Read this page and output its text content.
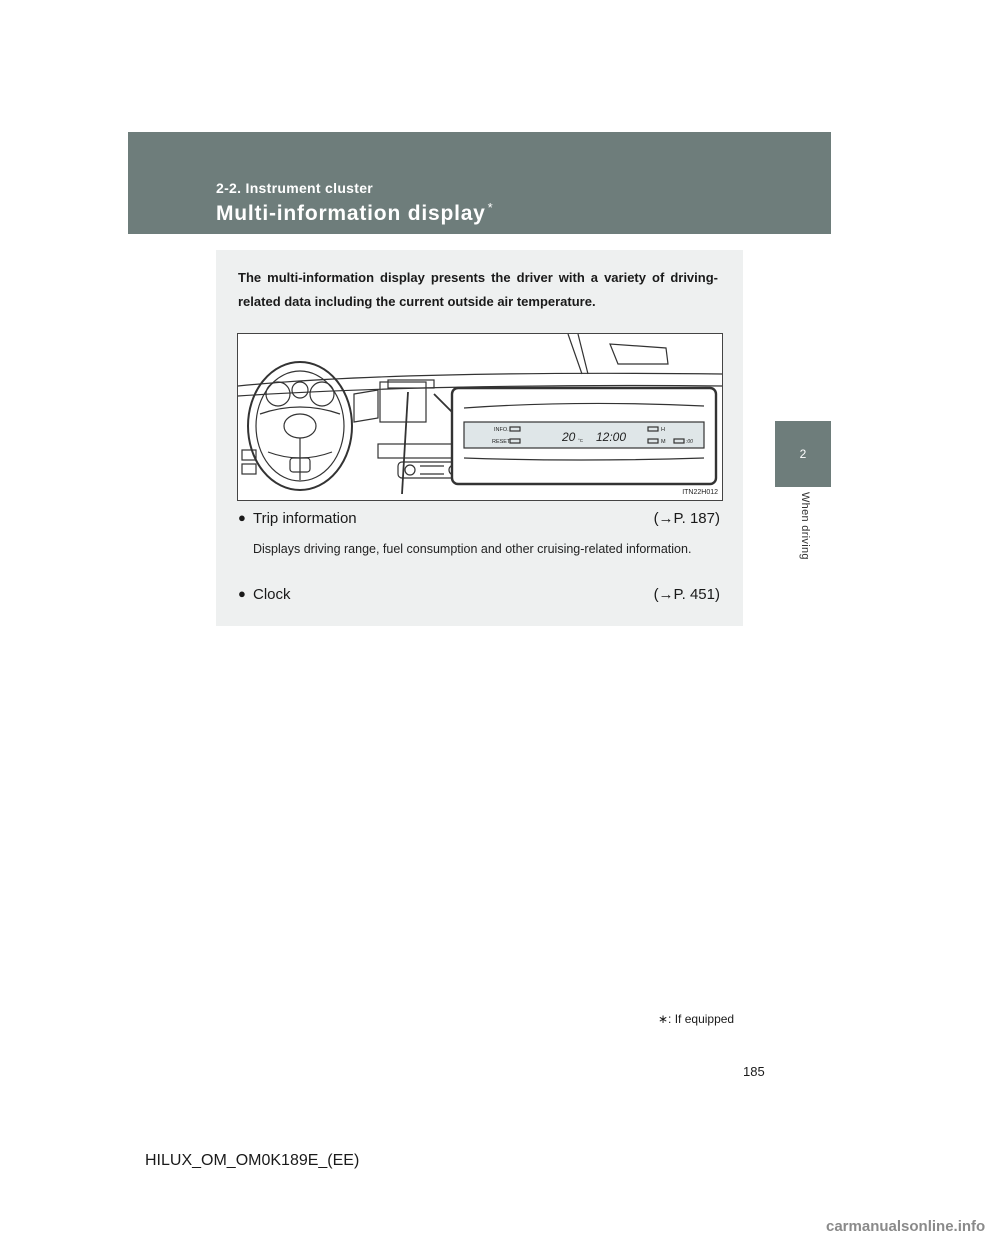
2-2. Instrument cluster
Multi-information display *
2
When driving
The multi-information display presents the driver with a variety of driving-related data including the current outside air temperature.
INFO.
RESET	20 °C 12:00	H
M	:00
ITN22H012
● Trip information	(→P. 187)
Displays driving range, fuel consumption and other cruising-related information.
● Clock	(→P. 451)
∗: If equipped
185
HILUX_OM_OM0K189E_(EE)
carmanualsonline.info
